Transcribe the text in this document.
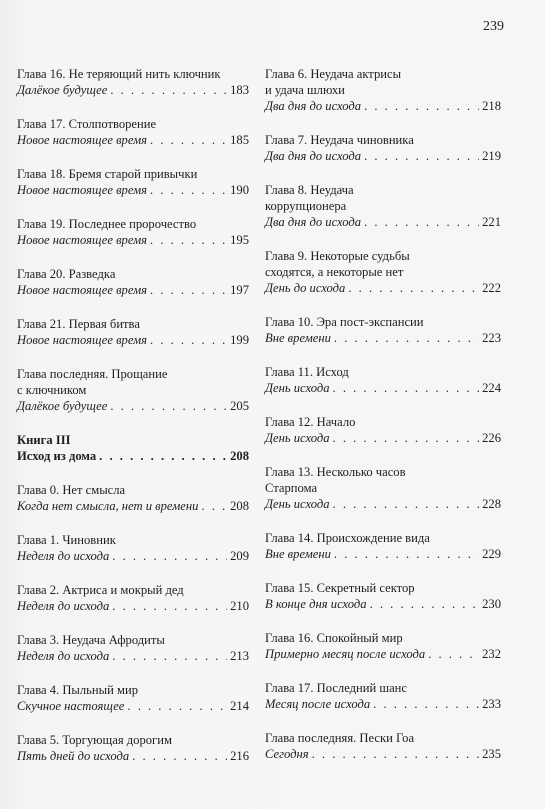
239
Глава 16. Не теряющий нить ключник
Далёкое будущее . . .	183
Глава 17. Столпотворение
Новое настоящее время . . .	185
Глава 18. Бремя старой привычки
Новое настоящее время . . .	190
Глава 19. Последнее пророчество
Новое настоящее время . . .	195
Глава 20. Разведка
Новое настоящее время . . .	197
Глава 21. Первая битва
Новое настоящее время . . .	199
Глава последняя. Прощание
с ключником
Далёкое будущее . . .	205
Книга III
Исход из дома . . .	208
Глава 0. Нет смысла
Когда нет смысла, нет и времени . . .	208
Глава 1. Чиновник
Неделя до исхода . . .	209
Глава 2. Актриса и мокрый дед
Неделя до исхода . . .	210
Глава 3. Неудача Афродиты
Неделя до исхода . . .	213
Глава 4. Пыльный мир
Скучное настоящее . . .	214
Глава 5. Торгующая дорогим
Пять дней до исхода . . .	216
Глава 6. Неудача актрисы
и удача шлюхи
Два дня до исхода . . .	218
Глава 7. Неудача чиновника
Два дня до исхода . . .	219
Глава 8. Неудача
коррупционера
Два дня до исхода . . .	221
Глава 9. Некоторые судьбы
сходятся, а некоторые нет
День до исхода . . .	222
Глава 10. Эра пост-экспансии
Вне времени . . .	223
Глава 11. Исход
День исхода . . .	224
Глава 12. Начало
День исхода . . .	226
Глава 13. Несколько часов
Старпома
День исхода . . .	228
Глава 14. Происхождение вида
Вне времени . . .	229
Глава 15. Секретный сектор
В конце дня исхода . . .	230
Глава 16. Спокойный мир
Примерно месяц после исхода . . .	232
Глава 17. Последний шанс
Месяц после исхода . . .	233
Глава последняя. Пески Гоа
Сегодня . . .	235
